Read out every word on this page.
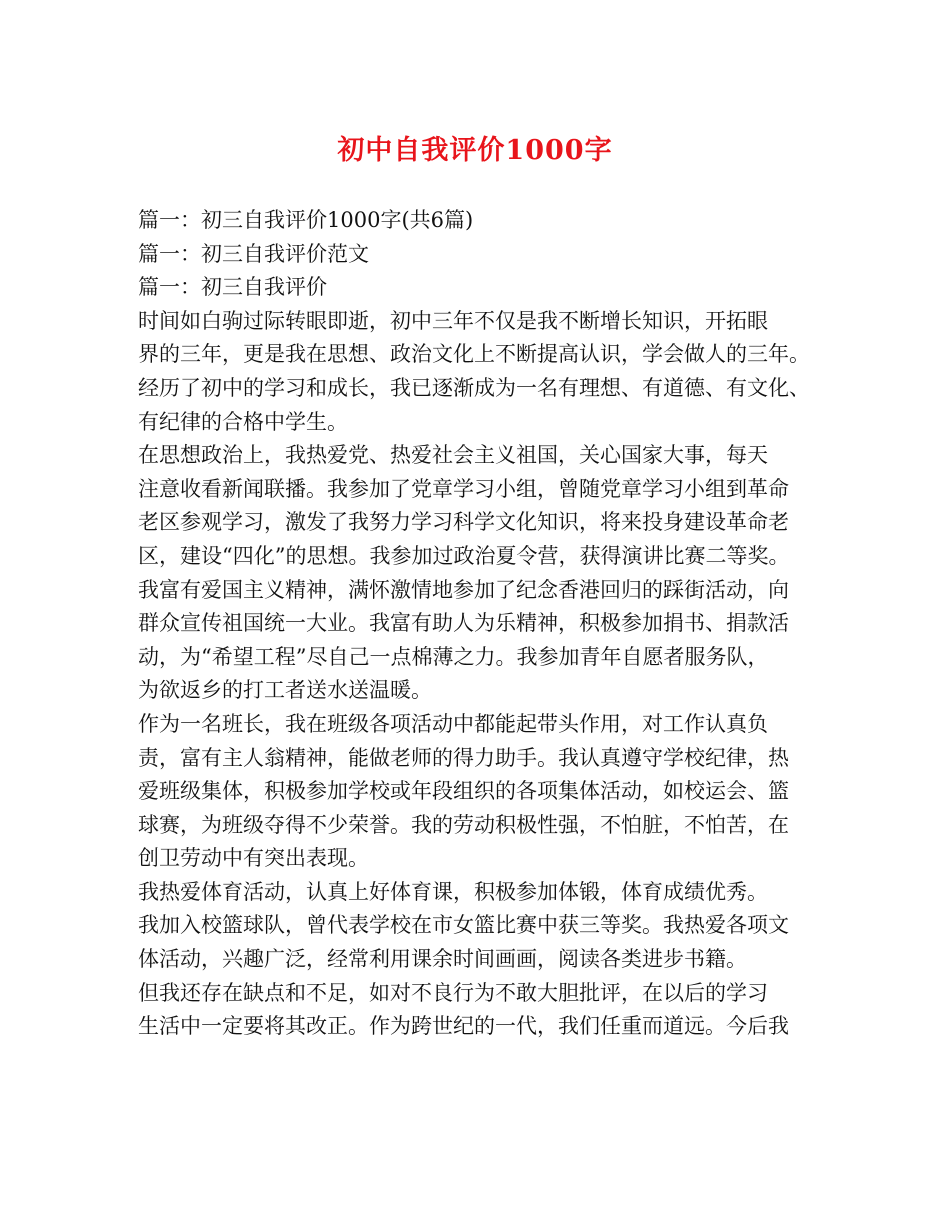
初中自我评价1000字
篇一：初三自我评价1000字(共6篇)
篇一：初三自我评价范文
篇一：初三自我评价
时间如白驹过际转眼即逝，初中三年不仅是我不断增长知识，开拓眼
界的三年，更是我在思想、政治文化上不断提高认识，学会做人的三年。
经历了初中的学习和成长，我已逐渐成为一名有理想、有道德、有文化、
有纪律的合格中学生。
在思想政治上，我热爱党、热爱社会主义祖国，关心国家大事，每天
注意收看新闻联播。我参加了党章学习小组，曾随党章学习小组到革命
老区参观学习，激发了我努力学习科学文化知识，将来投身建设革命老
区，建设“四化”的思想。我参加过政治夏令营，获得演讲比赛二等奖。
我富有爱国主义精神，满怀激情地参加了纪念香港回归的踩街活动，向
群众宣传祖国统一大业。我富有助人为乐精神，积极参加捐书、捐款活
动，为“希望工程”尽自己一点棉薄之力。我参加青年自愿者服务队，
为欲返乡的打工者送水送温暖。
作为一名班长，我在班级各项活动中都能起带头作用，对工作认真负
责，富有主人翁精神，能做老师的得力助手。我认真遵守学校纪律，热
爱班级集体，积极参加学校或年段组织的各项集体活动，如校运会、篮
球赛，为班级夺得不少荣誉。我的劳动积极性强，不怕脏，不怕苦，在
创卫劳动中有突出表现。
我热爱体育活动，认真上好体育课，积极参加体锻，体育成绩优秀。
我加入校篮球队，曾代表学校在市女篮比赛中获三等奖。我热爱各项文
体活动，兴趣广泛，经常利用课余时间画画，阅读各类进步书籍。
但我还存在缺点和不足，如对不良行为不敢大胆批评，在以后的学习
生活中一定要将其改正。作为跨世纪的一代，我们任重而道远。今后我
